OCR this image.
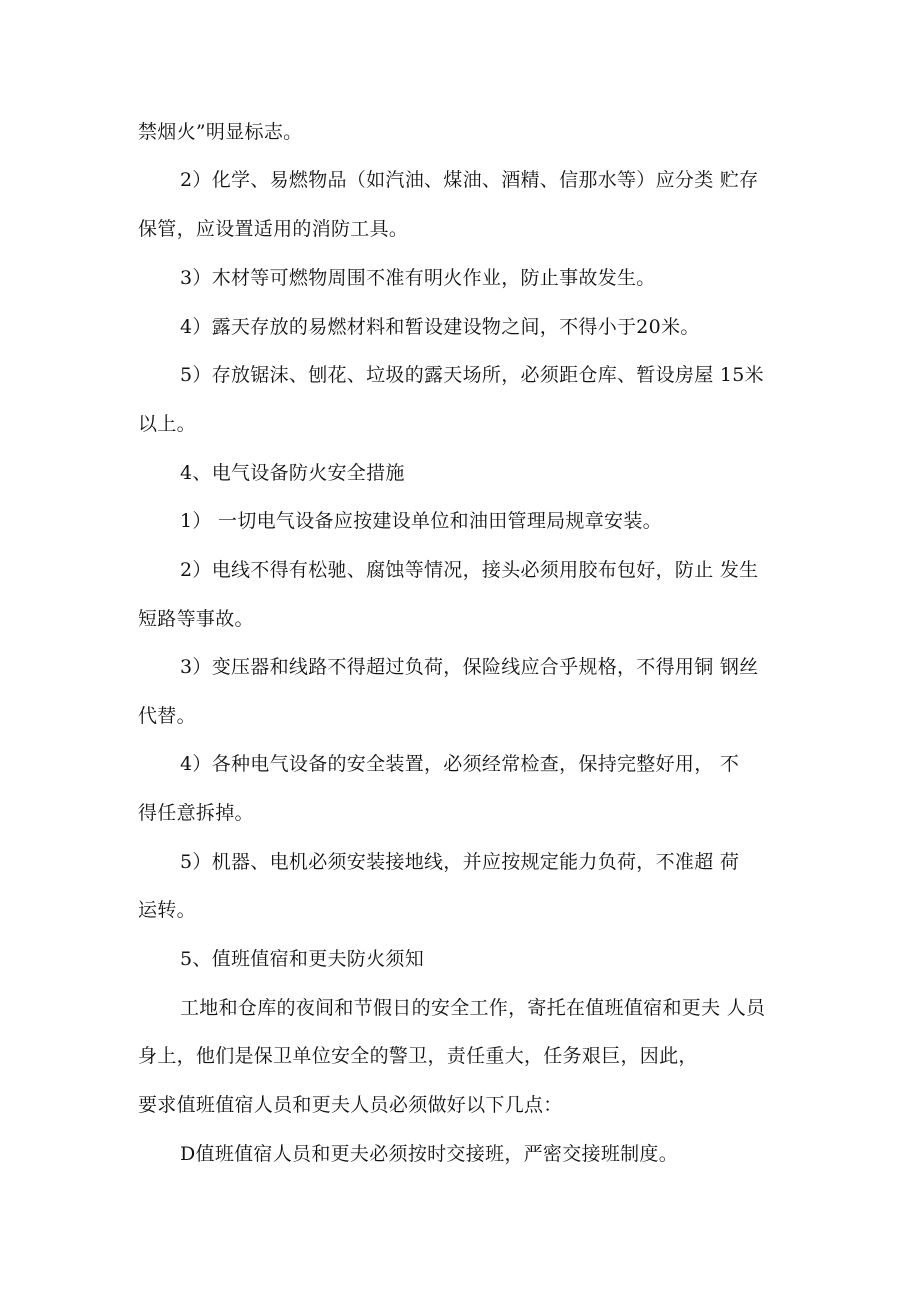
禁烟火”明显标志。
2）化学、易燃物品（如汽油、煤油、酒精、信那水等）应分类 贮存
保管，应设置适用的消防工具。
3）木材等可燃物周围不准有明火作业，防止事故发生。
4）露天存放的易燃材料和暂设建设物之间，不得小于20米。
5）存放锯沫、刨花、垃圾的露天场所，必须距仓库、暂设房屋 15米
以上。
4、电气设备防火安全措施
1） 一切电气设备应按建设单位和油田管理局规章安装。
2）电线不得有松驰、腐蚀等情况，接头必须用胶布包好，防止 发生
短路等事故。
3）变压器和线路不得超过负荷，保险线应合乎规格，不得用铜 钢丝
代替。
4）各种电气设备的安全装置，必须经常检查，保持完整好用， 不
得任意拆掉。
5）机器、电机必须安装接地线，并应按规定能力负荷，不准超 荷
运转。
5、值班值宿和更夫防火须知
工地和仓库的夜间和节假日的安全工作，寄托在值班值宿和更夫 人员
身上，他们是保卫单位安全的警卫，责任重大，任务艰巨，因此，
要求值班值宿人员和更夫人员必须做好以下几点：
D值班值宿人员和更夫必须按时交接班，严密交接班制度。
